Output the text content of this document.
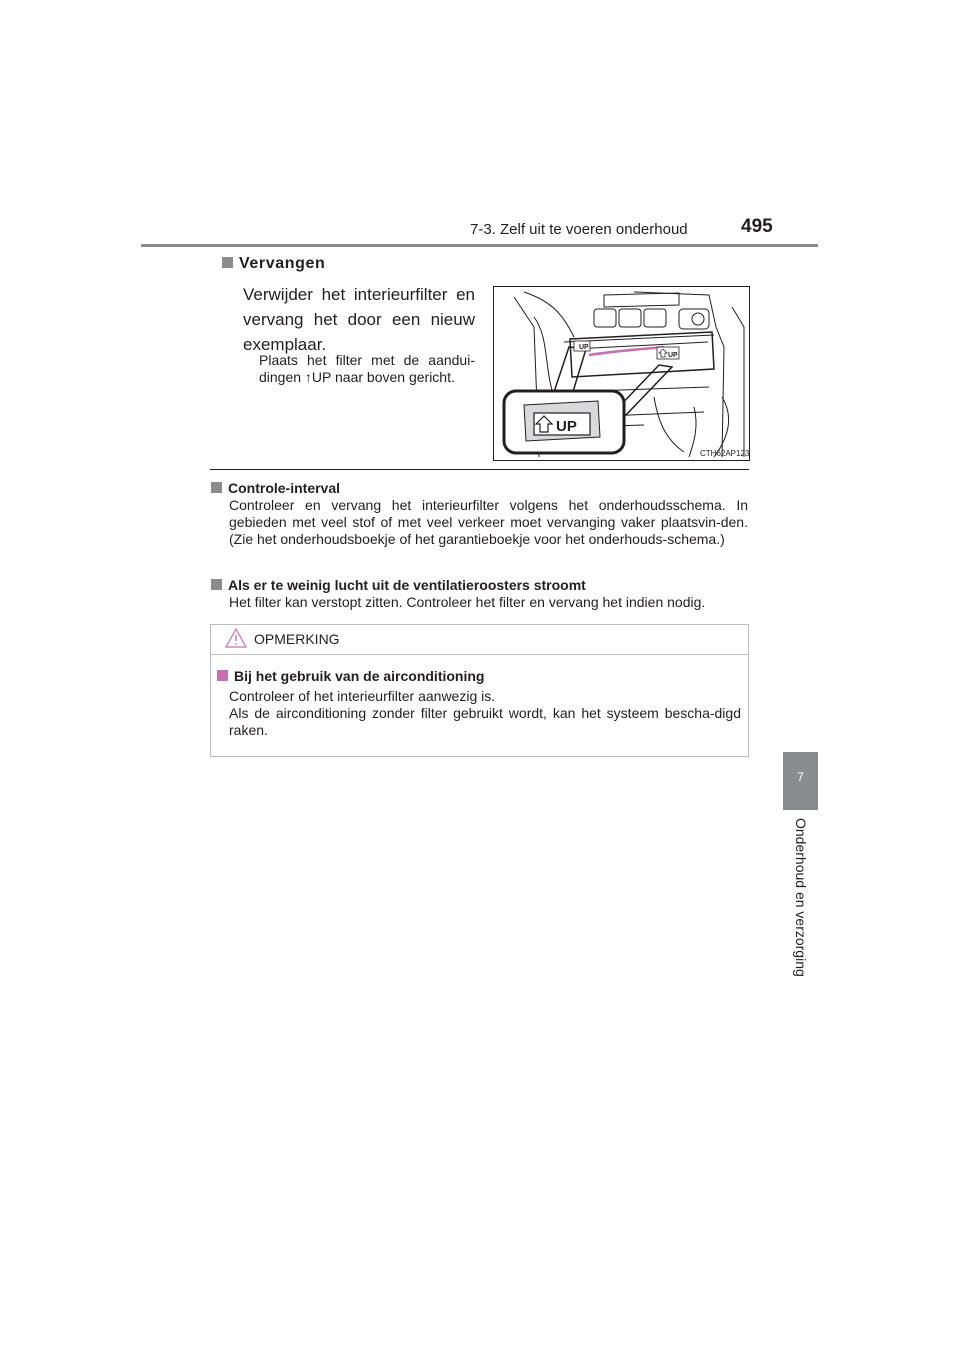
7-3. Zelf uit te voeren onderhoud	495
7
Onderhoud en verzorging
Vervangen
Verwijder het interieurfilter en vervang het door een nieuw exemplaar.
Plaats het filter met de aandui-dingen ↑UP naar boven gericht.
UP
UP
UP
CTH62AP123
Controle-interval
Controleer en vervang het interieurfilter volgens het onderhoudsschema. In gebieden met veel stof of met veel verkeer moet vervanging vaker plaatsvin-den. (Zie het onderhoudsboekje of het garantieboekje voor het onderhouds-schema.)
Als er te weinig lucht uit de ventilatieroosters stroomt
Het filter kan verstopt zitten. Controleer het filter en vervang het indien nodig.
OPMERKING
Bij het gebruik van de airconditioning
Controleer of het interieurfilter aanwezig is.
Als de airconditioning zonder filter gebruikt wordt, kan het systeem bescha-digd raken.
